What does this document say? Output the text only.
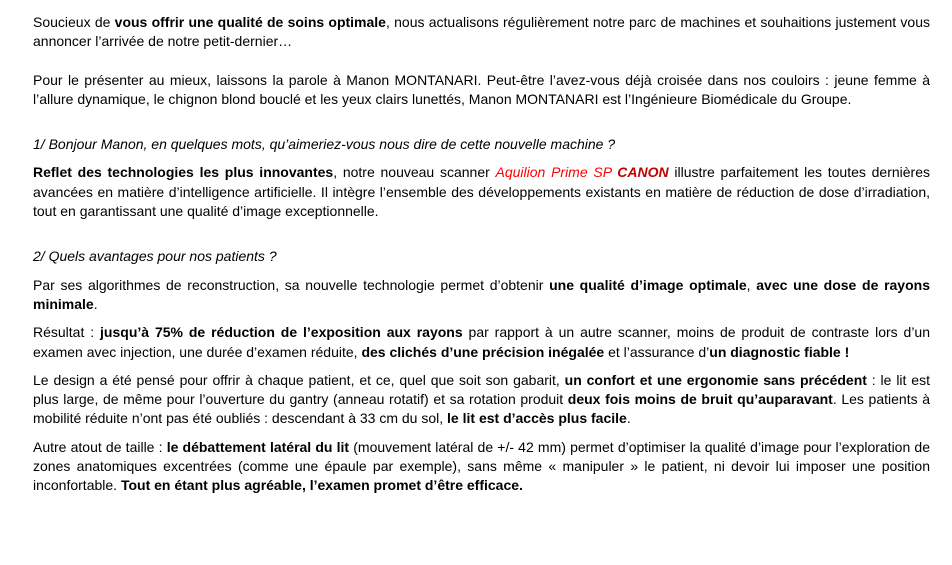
Soucieux de vous offrir une qualité de soins optimale, nous actualisons régulièrement notre parc de machines et souhaitions justement vous annoncer l’arrivée de notre petit-dernier…

Pour le présenter au mieux, laissons la parole à Manon MONTANARI. Peut-être l’avez-vous déjà croisée dans nos couloirs : jeune femme à l’allure dynamique, le chignon blond bouclé et les yeux clairs lunettés, Manon MONTANARI est l’Ingénieure Biomédicale du Groupe.

1/ Bonjour Manon, en quelques mots, qu’aimeriez-vous nous dire de cette nouvelle machine ?

Reflet des technologies les plus innovantes, notre nouveau scanner Aquilion Prime SP CANON illustre parfaitement les toutes dernières avancées en matière d’intelligence artificielle. Il intègre l’ensemble des développements existants en matière de réduction de dose d’irradiation, tout en garantissant une qualité d’image exceptionnelle.

2/ Quels avantages pour nos patients ?

Par ses algorithmes de reconstruction, sa nouvelle technologie permet d’obtenir une qualité d’image optimale, avec une dose de rayons minimale.

Résultat : jusqu’à 75% de réduction de l’exposition aux rayons par rapport à un autre scanner, moins de produit de contraste lors d’un examen avec injection, une durée d’examen réduite, des clichés d’une précision inégalée et l’assurance d’un diagnostic fiable !

Le design a été pensé pour offrir à chaque patient, et ce, quel que soit son gabarit, un confort et une ergonomie sans précédent : le lit est plus large, de même pour l’ouverture du gantry (anneau rotatif) et sa rotation produit deux fois moins de bruit qu’auparavant. Les patients à mobilité réduite n’ont pas été oubliés : descendant à 33 cm du sol, le lit est d’accès plus facile.

Autre atout de taille : le débattement latéral du lit (mouvement latéral de +/- 42 mm) permet d’optimiser la qualité d’image pour l’exploration de zones anatomiques excentrées (comme une épaule par exemple), sans même « manipuler » le patient, ni devoir lui imposer une position inconfortable. Tout en étant plus agréable, l’examen promet d’être efficace.
